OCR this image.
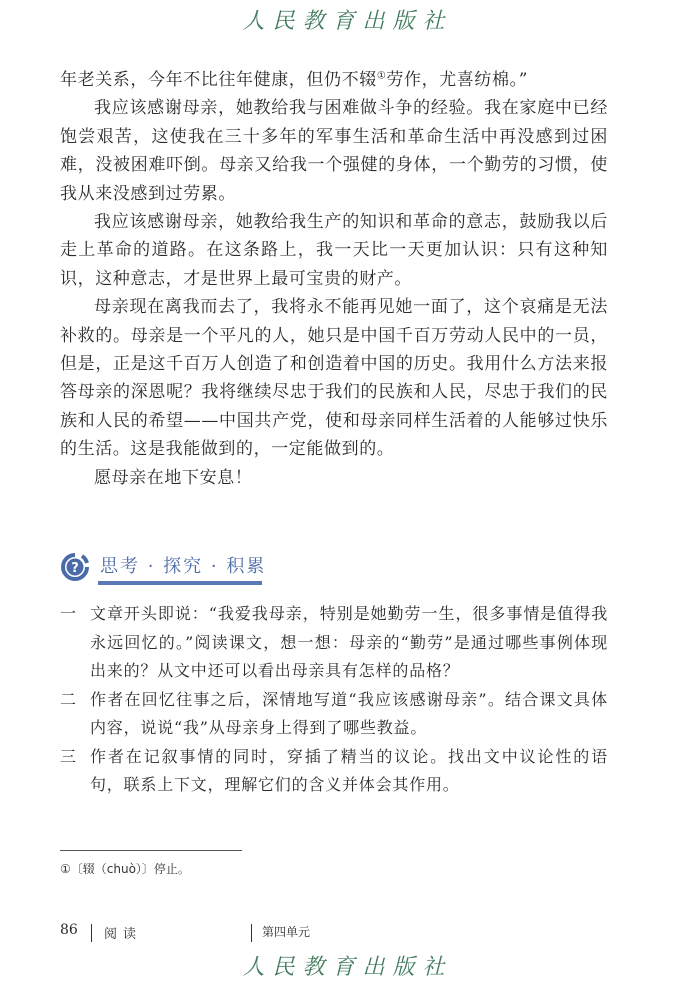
人民教育出版社

年老关系，今年不比往年健康，但仍不辍①劳作，尤喜纺棉。”

我应该感谢母亲，她教给我与困难做斗争的经验。我在家庭中已经饱尝艰苦，这使我在三十多年的军事生活和革命生活中再没感到过困难，没被困难吓倒。母亲又给我一个强健的身体，一个勤劳的习惯，使我从来没感到过劳累。

我应该感谢母亲，她教给我生产的知识和革命的意志，鼓励我以后走上革命的道路。在这条路上，我一天比一天更加认识：只有这种知识，这种意志，才是世界上最可宝贵的财产。

母亲现在离我而去了，我将永不能再见她一面了，这个哀痛是无法补救的。母亲是一个平凡的人，她只是中国千百万劳动人民中的一员，但是，正是这千百万人创造了和创造着中国的历史。我用什么方法来报答母亲的深恩呢？我将继续尽忠于我们的民族和人民，尽忠于我们的民族和人民的希望——中国共产党，使和母亲同样生活着的人能够过快乐的生活。这是我能做到的，一定能做到的。

愿母亲在地下安息！

? 思考 · 探究 · 积累
一 文章开头即说：“我爱我母亲，特别是她勤劳一生，很多事情是值得我永远回忆的。”阅读课文，想一想：母亲的“勤劳”是通过哪些事例体现出来的？从文中还可以看出母亲具有怎样的品格？
二 作者在回忆往事之后，深情地写道“我应该感谢母亲”。结合课文具体内容，说说“我”从母亲身上得到了哪些教益。
三 作者在记叙事情的同时，穿插了精当的议论。找出文中议论性的语句，联系上下文，理解它们的含义并体会其作用。
①〔辍（chuò）〕停止。
86 阅读	第四单元
人民教育出版社
